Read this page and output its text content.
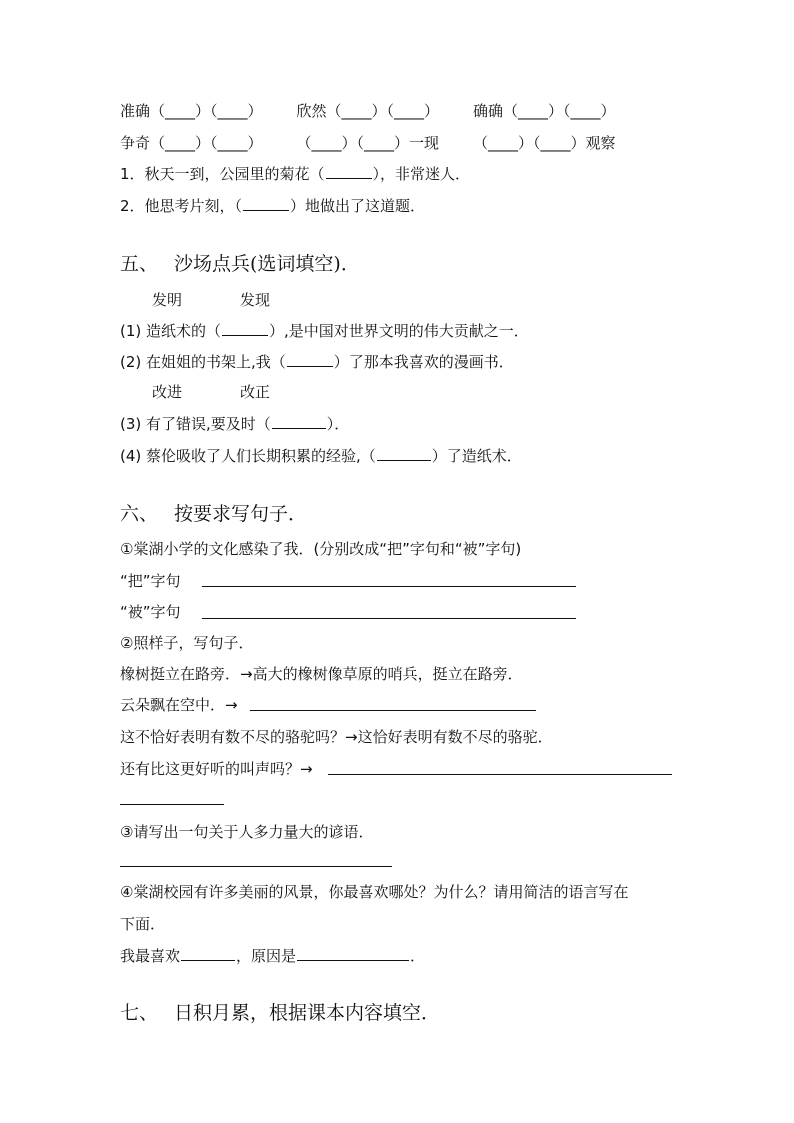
准确（____）（____） 欣然（____）（____） 确确（____）（____）
争奇（____）（____） （____）（____）一现 （____）（____）观察
1．秋天一到，公园里的菊花（	），非常迷人．
2．他思考片刻，（	）地做出了这道题．
五、 沙场点兵(选词填空)．
发明	发现
(1) 造纸术的（	）,是中国对世界文明的伟大贡献之一．
(2) 在姐姐的书架上,我（	）了那本我喜欢的漫画书．
改进	改正
(3) 有了错误,要及时（	）．
(4) 蔡伦吸收了人们长期积累的经验,（	）了造纸术．
六、 按要求写句子．
①棠湖小学的文化感染了我．(分别改成“把”字句和“被”字句)
“把”字句
“被”字句
②照样子，写句子．
橡树挺立在路旁．→高大的橡树像草原的哨兵，挺立在路旁．
云朵飘在空中．→
这不恰好表明有数不尽的骆驼吗？→这恰好表明有数不尽的骆驼．
还有比这更好听的叫声吗？→
③请写出一句关于人多力量大的谚语．
④棠湖校园有许多美丽的风景，你最喜欢哪处？为什么？请用简洁的语言写在
下面．
我最喜欢	，原因是	．
七、 日积月累，根据课本内容填空．
